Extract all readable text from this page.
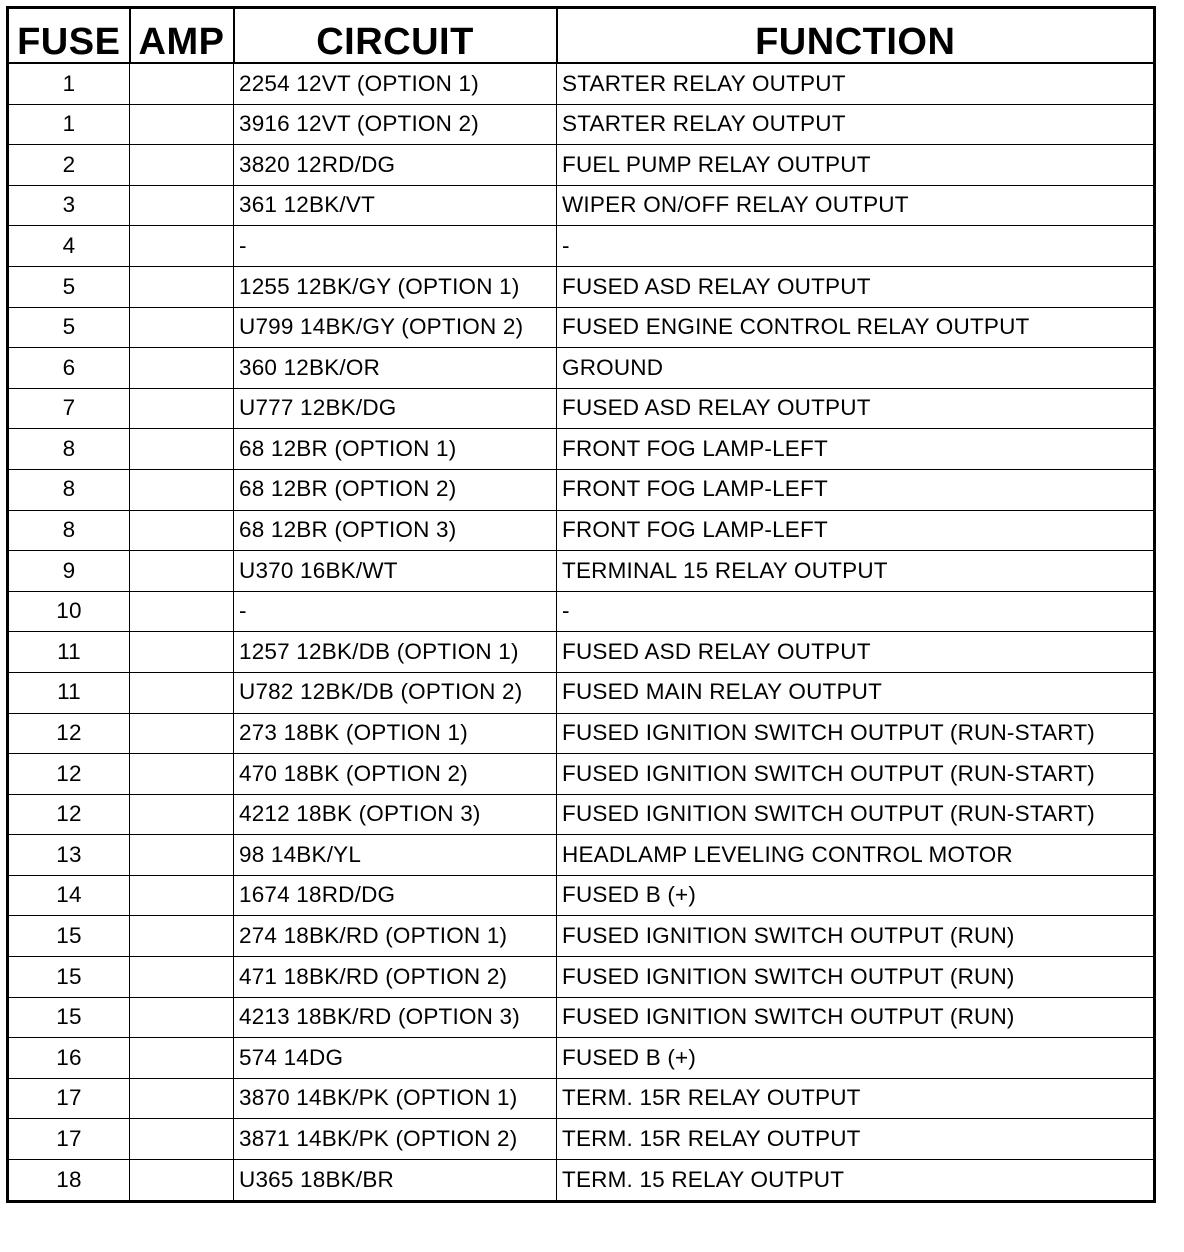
FUSE	AMP	CIRCUIT	FUNCTION
1		2254 12VT (OPTION 1)	STARTER RELAY OUTPUT
1		3916 12VT (OPTION 2)	STARTER RELAY OUTPUT
2		3820 12RD/DG	FUEL PUMP RELAY OUTPUT
3		361 12BK/VT	WIPER ON/OFF RELAY OUTPUT
4		-	-
5		1255 12BK/GY (OPTION 1)	FUSED ASD RELAY OUTPUT
5		U799 14BK/GY (OPTION 2)	FUSED ENGINE CONTROL RELAY OUTPUT
6		360 12BK/OR	GROUND
7		U777 12BK/DG	FUSED ASD RELAY OUTPUT
8		68 12BR (OPTION 1)	FRONT FOG LAMP-LEFT
8		68 12BR (OPTION 2)	FRONT FOG LAMP-LEFT
8		68 12BR (OPTION 3)	FRONT FOG LAMP-LEFT
9		U370 16BK/WT	TERMINAL 15 RELAY OUTPUT
10		-	-
11		1257 12BK/DB (OPTION 1)	FUSED ASD RELAY OUTPUT
11		U782 12BK/DB (OPTION 2)	FUSED MAIN RELAY OUTPUT
12		273 18BK (OPTION 1)	FUSED IGNITION SWITCH OUTPUT (RUN-START)
12		470 18BK (OPTION 2)	FUSED IGNITION SWITCH OUTPUT (RUN-START)
12		4212 18BK (OPTION 3)	FUSED IGNITION SWITCH OUTPUT (RUN-START)
13		98 14BK/YL	HEADLAMP LEVELING CONTROL MOTOR
14		1674 18RD/DG	FUSED B (+)
15		274 18BK/RD (OPTION 1)	FUSED IGNITION SWITCH OUTPUT (RUN)
15		471 18BK/RD (OPTION 2)	FUSED IGNITION SWITCH OUTPUT (RUN)
15		4213 18BK/RD (OPTION 3)	FUSED IGNITION SWITCH OUTPUT (RUN)
16		574 14DG	FUSED B (+)
17		3870 14BK/PK (OPTION 1)	TERM. 15R RELAY OUTPUT
17		3871 14BK/PK (OPTION 2)	TERM. 15R RELAY OUTPUT
18		U365 18BK/BR	TERM. 15 RELAY OUTPUT
